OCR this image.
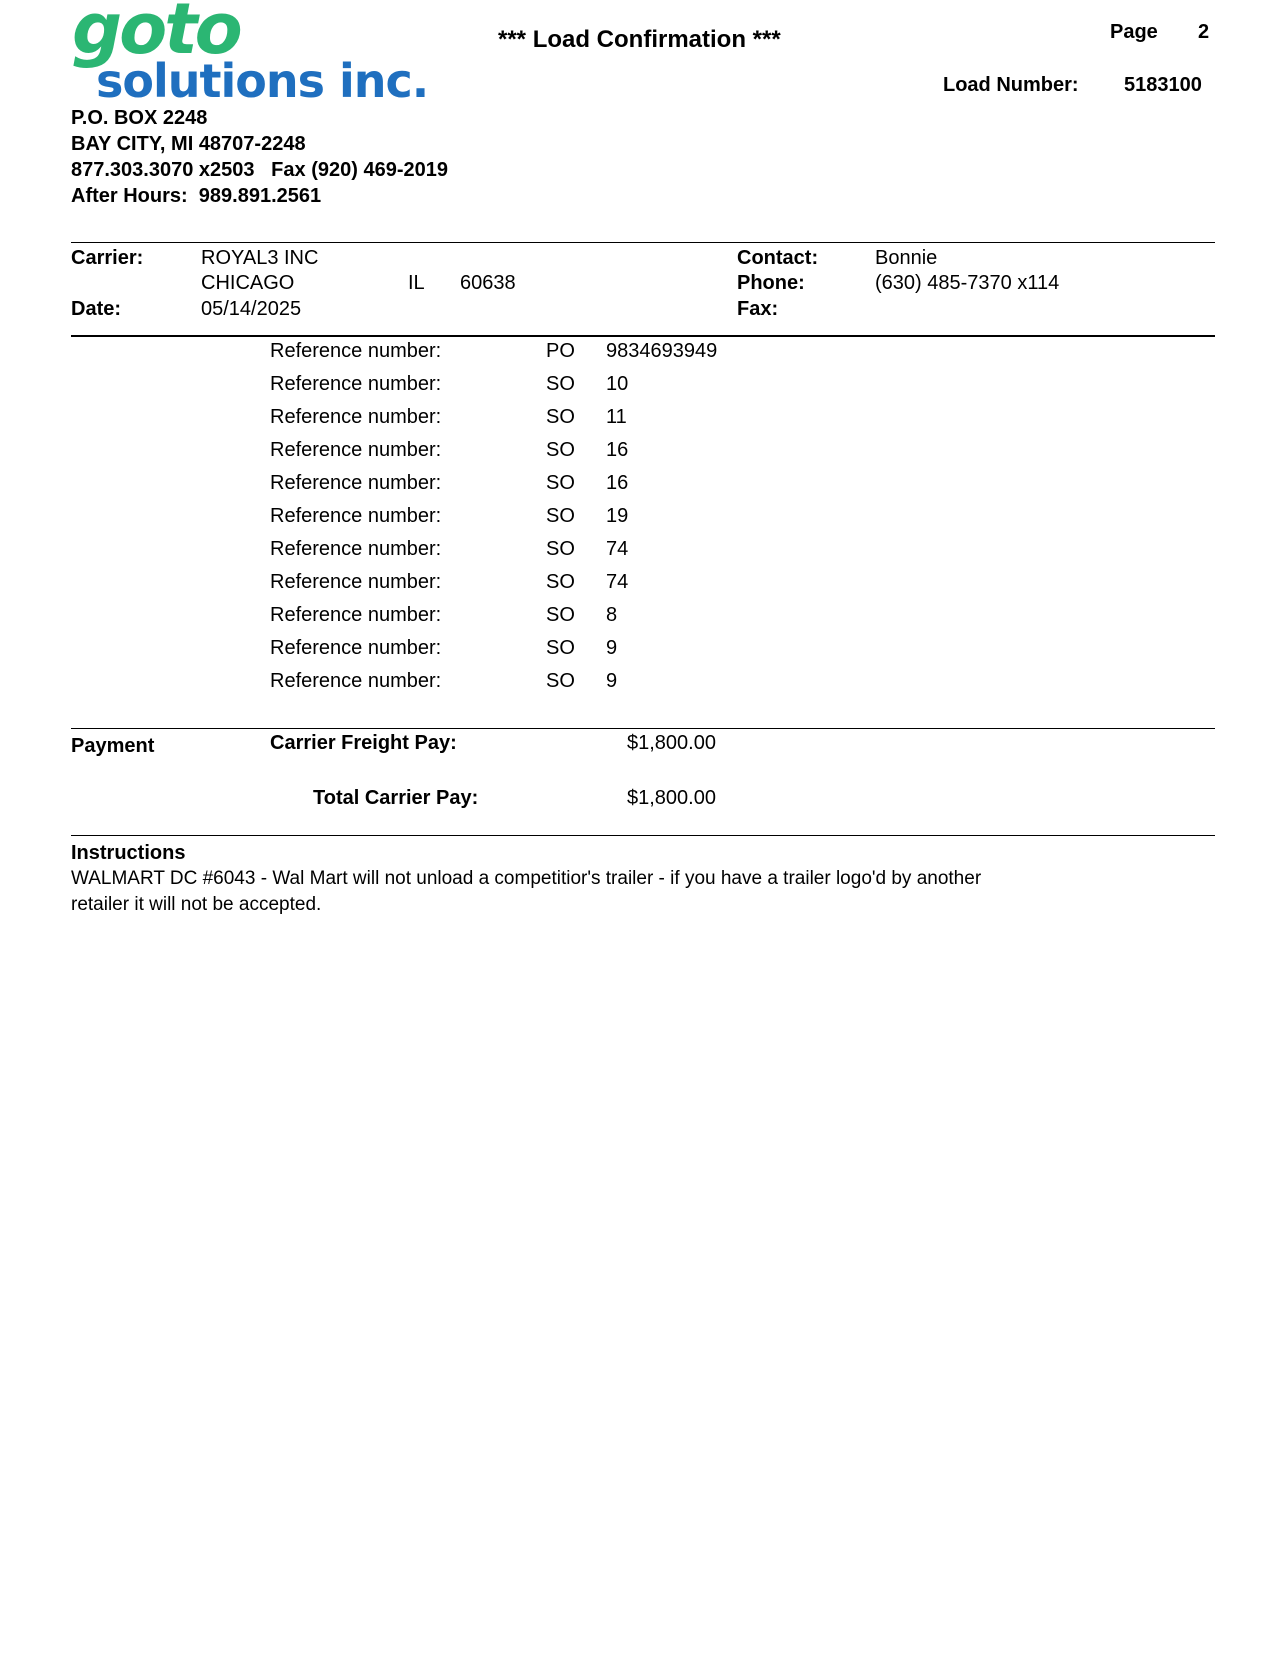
goto
solutions inc.
P.O. BOX 2248
BAY CITY, MI 48707-2248
877.303.3070 x2503   Fax (920) 469-2019
After Hours:  989.891.2561
*** Load Confirmation ***	Page 2
Load Number: 5183100
Carrier:	ROYAL3 INC
CHICAGO	IL 60638
Date:	05/14/2025
Contact:	Bonnie
Phone:	(630) 485-7370 x114
Fax:
Reference number:	PO 9834693949
Reference number:	SO 10
Reference number:	SO 11
Reference number:	SO 16
Reference number:	SO 16
Reference number:	SO 19
Reference number:	SO 74
Reference number:	SO 74
Reference number:	SO 8
Reference number:	SO 9
Reference number:	SO 9
Payment	Carrier Freight Pay:	$1,800.00
Total Carrier Pay:	$1,800.00
Instructions
WALMART DC #6043 - Wal Mart will not unload a competitior's trailer - if you have a trailer logo'd by another
retailer it will not be accepted.
